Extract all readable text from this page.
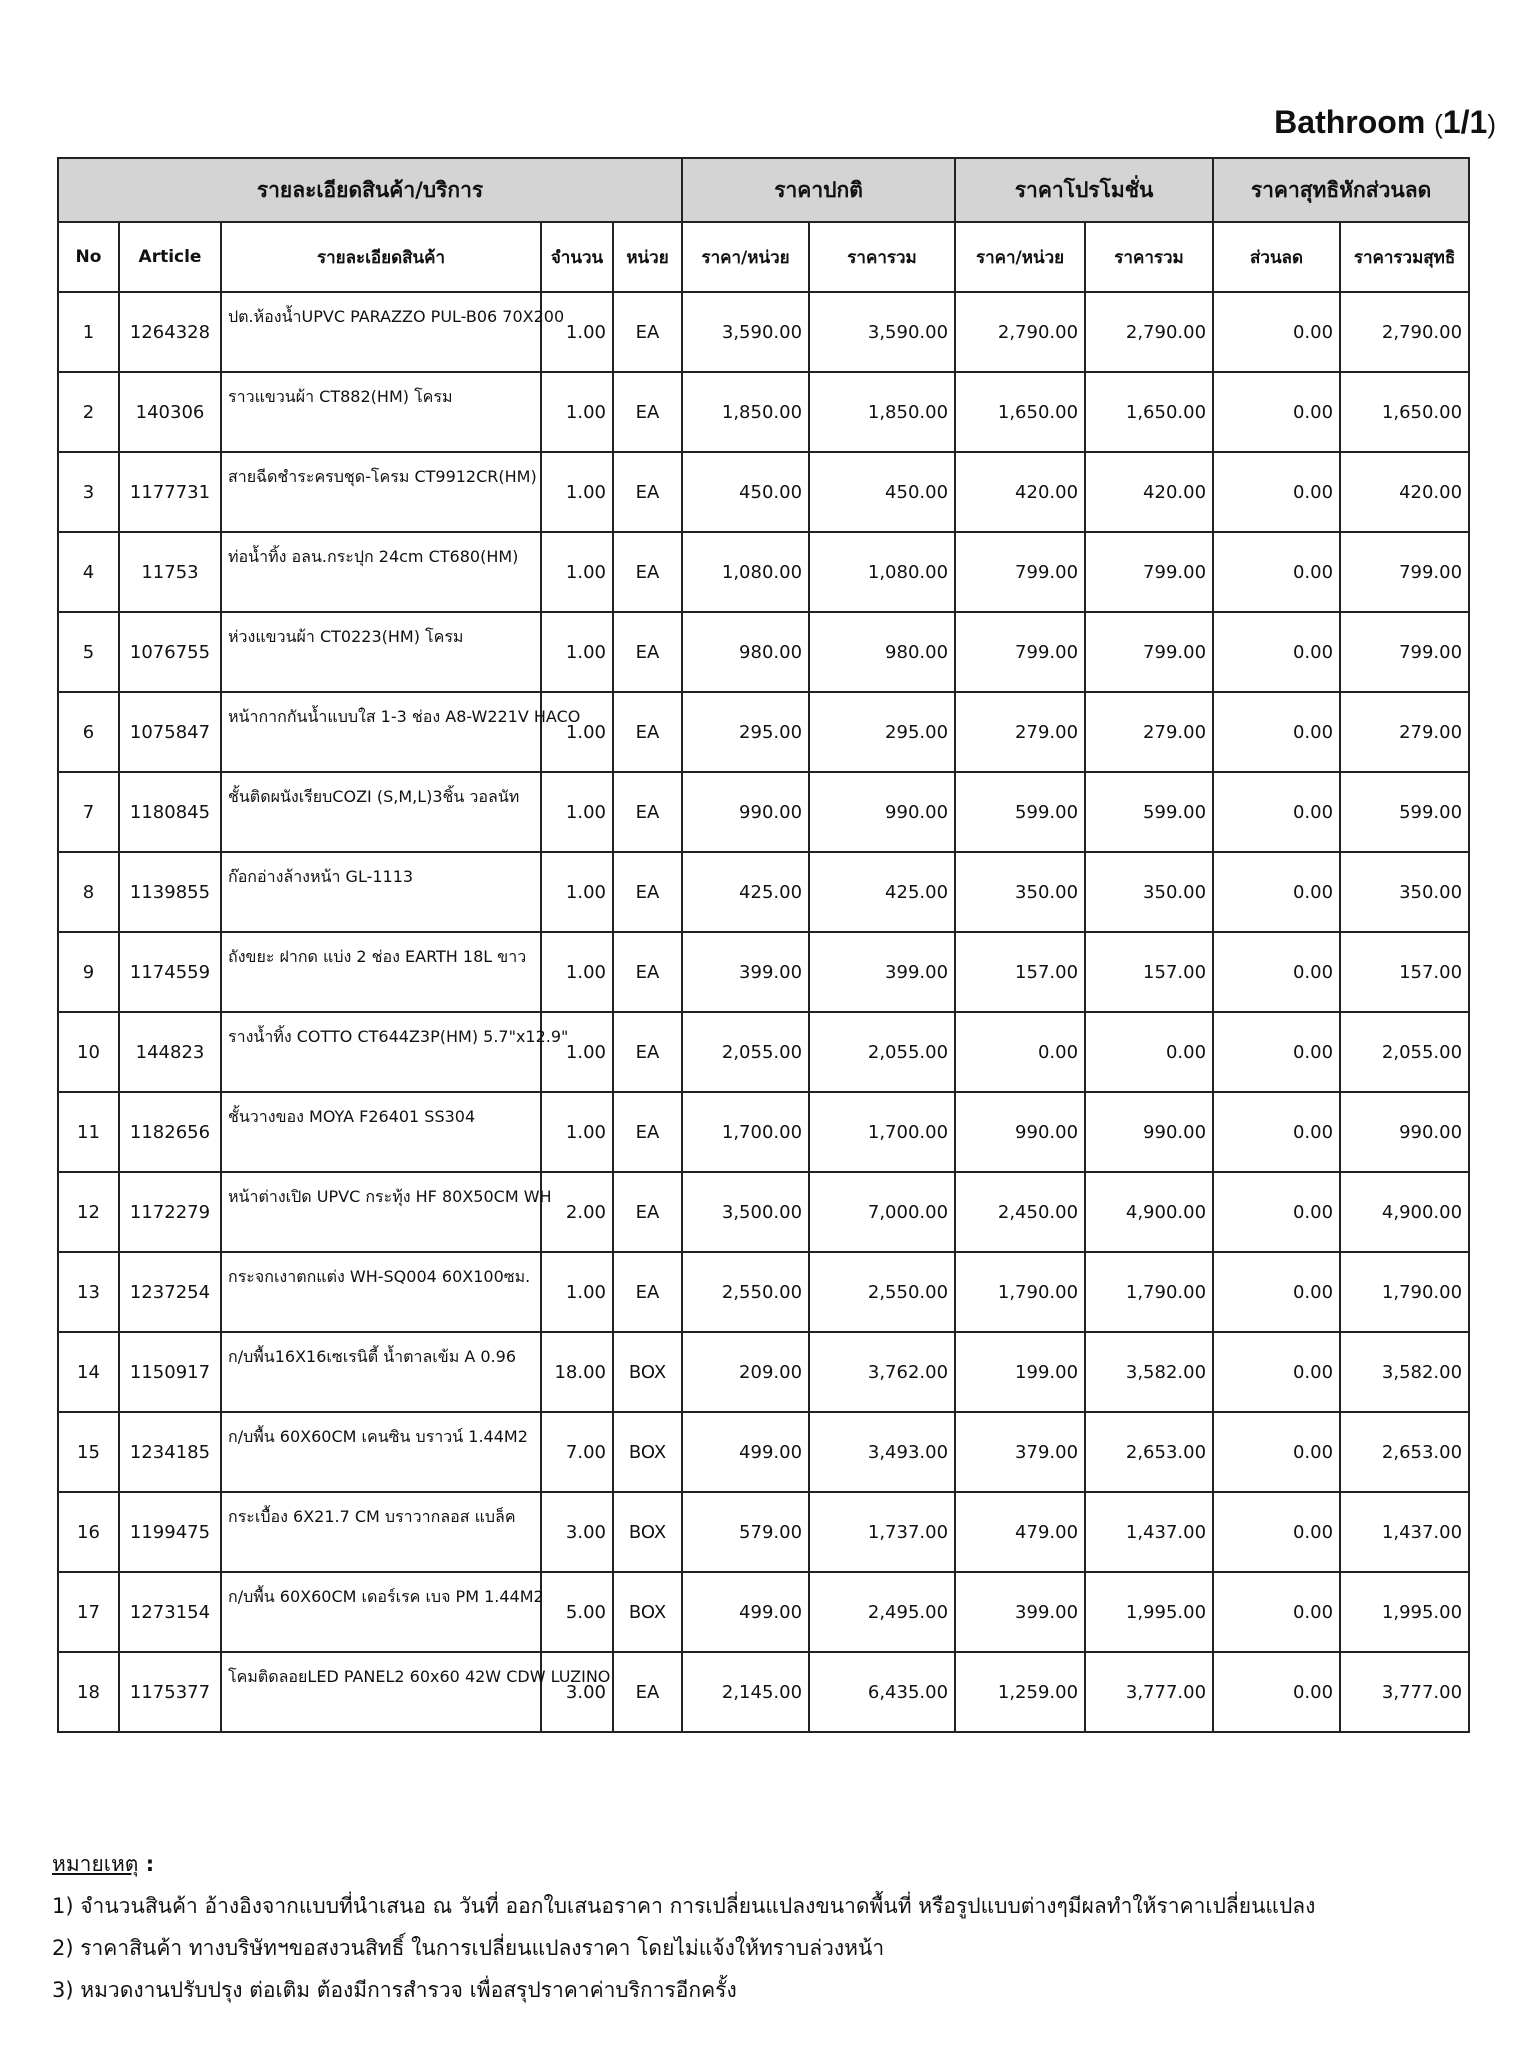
Bathroom (1/1)
รายละเอียดสินค้า/บริการ					ราคาปกติ		ราคาโปรโมชั่น		ราคาสุทธิหักส่วนลด	
No	Article	รายละเอียดสินค้า	จำนวน	หน่วย	ราคา/หน่วย	ราคารวม	ราคา/หน่วย	ราคารวม	ส่วนลด	ราคารวมสุทธิ
1	1264328	ปต.ห้องน้ำUPVC PARAZZO PUL-B06 70X200	1.00	EA	3,590.00	3,590.00	2,790.00	2,790.00	0.00	2,790.00
2	140306	ราวแขวนผ้า CT882(HM) โครม	1.00	EA	1,850.00	1,850.00	1,650.00	1,650.00	0.00	1,650.00
3	1177731	สายฉีดชำระครบชุด-โครม CT9912CR(HM)	1.00	EA	450.00	450.00	420.00	420.00	0.00	420.00
4	11753	ท่อน้ำทิ้ง อลน.กระปุก 24cm CT680(HM)	1.00	EA	1,080.00	1,080.00	799.00	799.00	0.00	799.00
5	1076755	ห่วงแขวนผ้า CT0223(HM) โครม	1.00	EA	980.00	980.00	799.00	799.00	0.00	799.00
6	1075847	หน้ากากกันน้ำแบบใส 1-3 ช่อง A8-W221V HACO	1.00	EA	295.00	295.00	279.00	279.00	0.00	279.00
7	1180845	ชั้นติดผนังเรียบCOZI (S,M,L)3ชิ้น วอลนัท	1.00	EA	990.00	990.00	599.00	599.00	0.00	599.00
8	1139855	ก๊อกอ่างล้างหน้า GL-1113	1.00	EA	425.00	425.00	350.00	350.00	0.00	350.00
9	1174559	ถังขยะ ฝากด แบ่ง 2 ช่อง EARTH 18L ขาว	1.00	EA	399.00	399.00	157.00	157.00	0.00	157.00
10	144823	รางน้ำทิ้ง COTTO CT644Z3P(HM) 5.7"x12.9"	1.00	EA	2,055.00	2,055.00	0.00	0.00	0.00	2,055.00
11	1182656	ชั้นวางของ MOYA F26401 SS304	1.00	EA	1,700.00	1,700.00	990.00	990.00	0.00	990.00
12	1172279	หน้าต่างเปิด UPVC กระทุ้ง HF 80X50CM WH	2.00	EA	3,500.00	7,000.00	2,450.00	4,900.00	0.00	4,900.00
13	1237254	กระจกเงาตกแต่ง WH-SQ004 60X100ซม.	1.00	EA	2,550.00	2,550.00	1,790.00	1,790.00	0.00	1,790.00
14	1150917	ก/บพื้น16X16เซเรนิตี้ น้ำตาลเข้ม A 0.96	18.00	BOX	209.00	3,762.00	199.00	3,582.00	0.00	3,582.00
15	1234185	ก/บพื้น 60X60CM เคนซิน บราวน์ 1.44M2	7.00	BOX	499.00	3,493.00	379.00	2,653.00	0.00	2,653.00
16	1199475	กระเบื้อง 6X21.7 CM บราวากลอส แบล็ค	3.00	BOX	579.00	1,737.00	479.00	1,437.00	0.00	1,437.00
17	1273154	ก/บพื้น 60X60CM เดอร์เรค เบจ PM 1.44M2	5.00	BOX	499.00	2,495.00	399.00	1,995.00	0.00	1,995.00
18	1175377	โคมติดลอยLED PANEL2 60x60 42W CDW LUZINO	3.00	EA	2,145.00	6,435.00	1,259.00	3,777.00	0.00	3,777.00
หมายเหตุ :
1) จำนวนสินค้า อ้างอิงจากแบบที่นำเสนอ ณ วันที่ ออกใบเสนอราคา การเปลี่ยนแปลงขนาดพื้นที่ หรือรูปแบบต่างๆมีผลทำให้ราคาเปลี่ยนแปลง
2) ราคาสินค้า ทางบริษัทฯขอสงวนสิทธิ์ ในการเปลี่ยนแปลงราคา โดยไม่แจ้งให้ทราบล่วงหน้า
3) หมวดงานปรับปรุง ต่อเติม ต้องมีการสำรวจ เพื่อสรุปราคาค่าบริการอีกครั้ง
